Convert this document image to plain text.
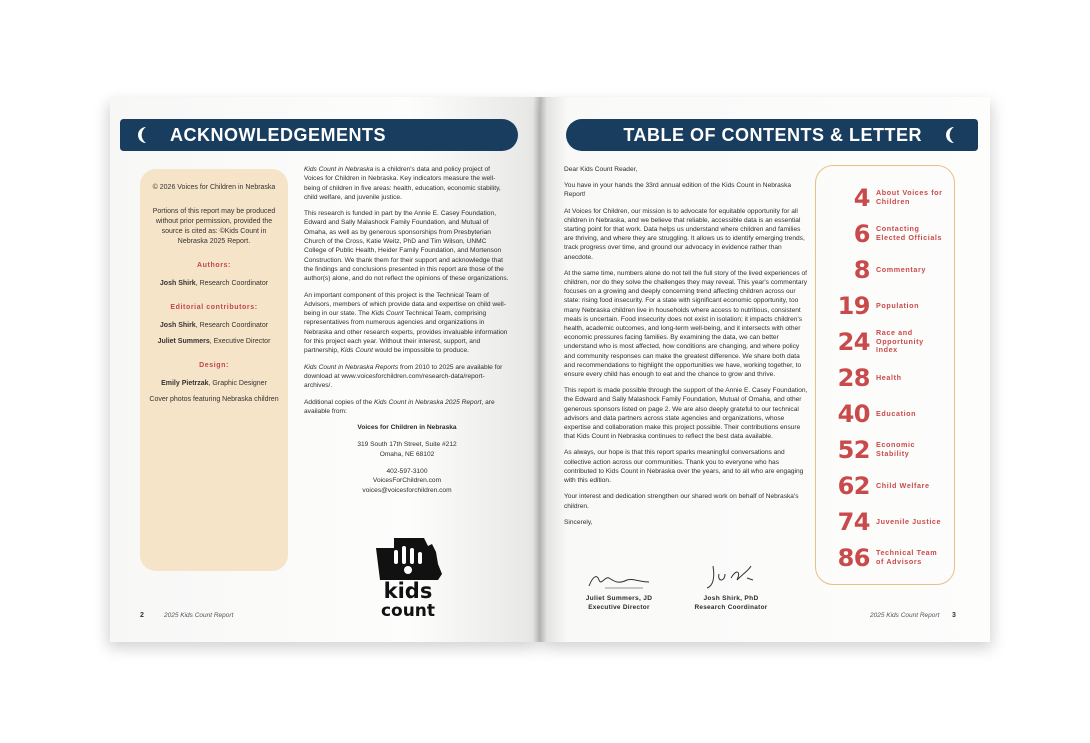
ACKNOWLEDGEMENTS

© 2026 Voices for Children in Nebraska

Portions of this report may be produced without prior permission, provided the source is cited as: ©Kids Count in Nebraska 2025 Report.

Authors:
Josh Shirk, Research Coordinator
Editorial contributors:
Josh Shirk, Research Coordinator
Juliet Summers, Executive Director
Design:
Emily Pietrzak, Graphic Designer
Cover photos featuring Nebraska children

Kids Count in Nebraska is a children's data and policy project of Voices for Children in Nebraska. Key indicators measure the well-being of children in five areas: health, education, economic stability, child welfare, and juvenile justice.

This research is funded in part by the Annie E. Casey Foundation, Edward and Sally Malashock Family Foundation, and Mutual of Omaha, as well as by generous sponsorships from Presbyterian Church of the Cross, Katie Weitz, PhD and Tim Wilson, UNMC College of Public Health, Heider Family Foundation, and Mortenson Construction. We thank them for their support and acknowledge that the findings and conclusions presented in this report are those of the author(s) alone, and do not reflect the opinions of these organizations.

An important component of this project is the Technical Team of Advisors, members of which provide data and expertise on child well-being in our state. The Kids Count Technical Team, comprising representatives from numerous agencies and organizations in Nebraska and other research experts, provides invaluable information for this project each year. Without their interest, support, and partnership, Kids Count would be impossible to produce.

Kids Count in Nebraska Reports from 2010 to 2025 are available for download at www.voicesforchildren.com/research-data/report-archives/.

Additional copies of the Kids Count in Nebraska 2025 Report, are available from:

Voices for Children in Nebraska
319 South 17th Street, Suite #212
Omaha, NE 68102
402-597-3100
VoicesForChildren.com
voices@voicesforchildren.com
kids
count
2	2025 Kids Count Report
TABLE OF CONTENTS & LETTER

Dear Kids Count Reader,

You have in your hands the 33rd annual edition of the Kids Count in Nebraska Report!

At Voices for Children, our mission is to advocate for equitable opportunity for all children in Nebraska, and we believe that reliable, accessible data is an essential starting point for that work. Data helps us understand where children and families are thriving, and where they are struggling. It allows us to identify emerging trends, track progress over time, and ground our advocacy in evidence rather than anecdote.

At the same time, numbers alone do not tell the full story of the lived experiences of children, nor do they solve the challenges they may reveal. This year's commentary focuses on a growing and deeply concerning trend affecting children across our state: rising food insecurity. For a state with significant economic opportunity, too many Nebraska children live in households where access to nutritious, consistent meals is uncertain. Food insecurity does not exist in isolation; it impacts children's health, academic outcomes, and long-term well-being, and it intersects with other economic pressures facing families. By examining the data, we can better understand who is most affected, how conditions are changing, and where policy and community responses can make the greatest difference. We share both data and recommendations to highlight the opportunities we have, working together, to ensure every child has enough to eat and the chance to grow and thrive.

This report is made possible through the support of the Annie E. Casey Foundation, the Edward and Sally Malashock Family Foundation, Mutual of Omaha, and other generous sponsors listed on page 2. We are also deeply grateful to our technical advisors and data partners across state agencies and organizations, whose expertise and collaboration make this project possible. Their contributions ensure that Kids Count in Nebraska continues to reflect the best data available.

As always, our hope is that this report sparks meaningful conversations and collective action across our communities. Thank you to everyone who has contributed to Kids Count in Nebraska over the years, and to all who are engaging with this edition.

Your interest and dedication strengthen our shared work on behalf of Nebraska's children.

Sincerely,

Juliet Summers, JD
Executive Director
Josh Shirk, PhD
Research Coordinator
4 About Voices for Children
6 Contacting Elected Officials
8 Commentary
19 Population
24 Race and Opportunity Index
28 Health
40 Education
52 Economic Stability
62 Child Welfare
74 Juvenile Justice
86 Technical Team of Advisors
2025 Kids Count Report 3
